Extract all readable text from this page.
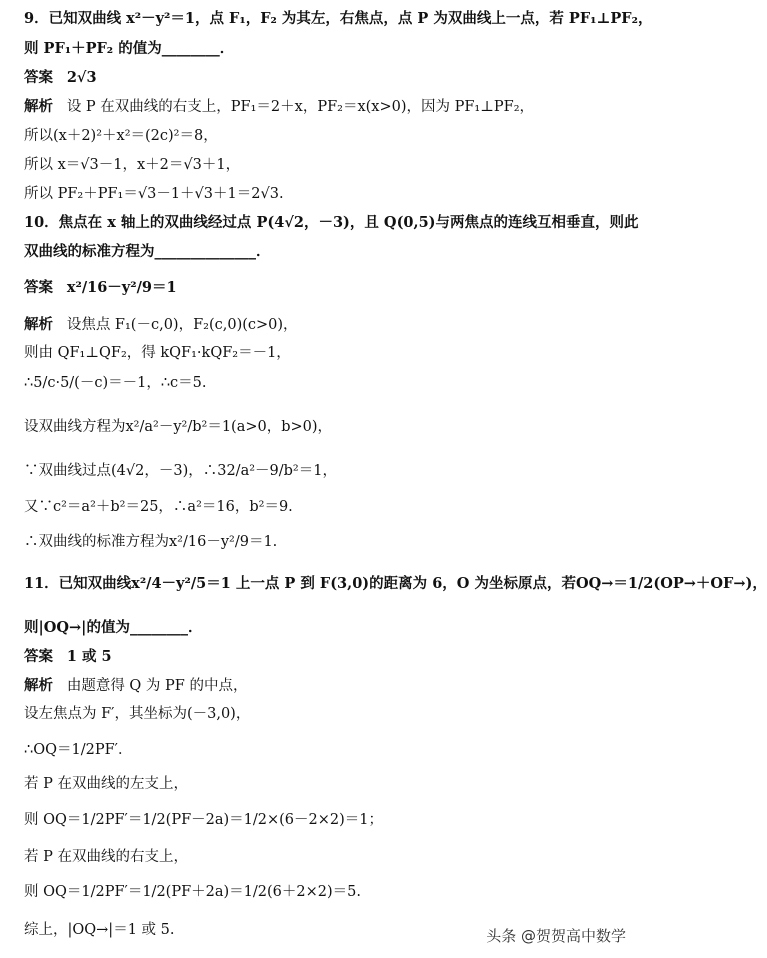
9．已知双曲线 x²－y²＝1，点 F₁，F₂ 为其左，右焦点，点 P 为双曲线上一点，若 PF₁⊥PF₂，
则 PF₁＋PF₂ 的值为________．
答案 2√3
解析 设 P 在双曲线的右支上，PF₁＝2＋x，PF₂＝x(x>0)，因为 PF₁⊥PF₂，
所以(x＋2)²＋x²＝(2c)²＝8，
所以 x＝√3－1，x＋2＝√3＋1，
所以 PF₂＋PF₁＝√3－1＋√3＋1＝2√3.
10．焦点在 x 轴上的双曲线经过点 P(4√2，－3)，且 Q(0,5)与两焦点的连线互相垂直，则此
双曲线的标准方程为______________．
答案 x²/16－y²/9＝1
解析 设焦点 F₁(－c,0)，F₂(c,0)(c>0)，
则由 QF₁⊥QF₂，得 kQF₁·kQF₂＝－1，
∴5/c·5/(－c)＝－1，∴c＝5.
设双曲线方程为x²/a²－y²/b²＝1(a>0，b>0)，
∵双曲线过点(4√2，－3)，∴32/a²－9/b²＝1，
又∵c²＝a²＋b²＝25，∴a²＝16，b²＝9.
∴双曲线的标准方程为x²/16－y²/9＝1.
11．已知双曲线x²/4－y²/5＝1 上一点 P 到 F(3,0)的距离为 6，O 为坐标原点，若OQ→＝1/2(OP→＋OF→)，
则|OQ→|的值为________．
答案 1 或 5
解析 由题意得 Q 为 PF 的中点，
设左焦点为 F′，其坐标为(－3,0)，
∴OQ＝1/2PF′．
若 P 在双曲线的左支上，
则 OQ＝1/2PF′＝1/2(PF－2a)＝1/2×(6－2×2)＝1；
若 P 在双曲线的右支上，
则 OQ＝1/2PF′＝1/2(PF＋2a)＝1/2(6＋2×2)＝5.
综上，|OQ→|＝1 或 5.	头条 @贺贺高中数学
